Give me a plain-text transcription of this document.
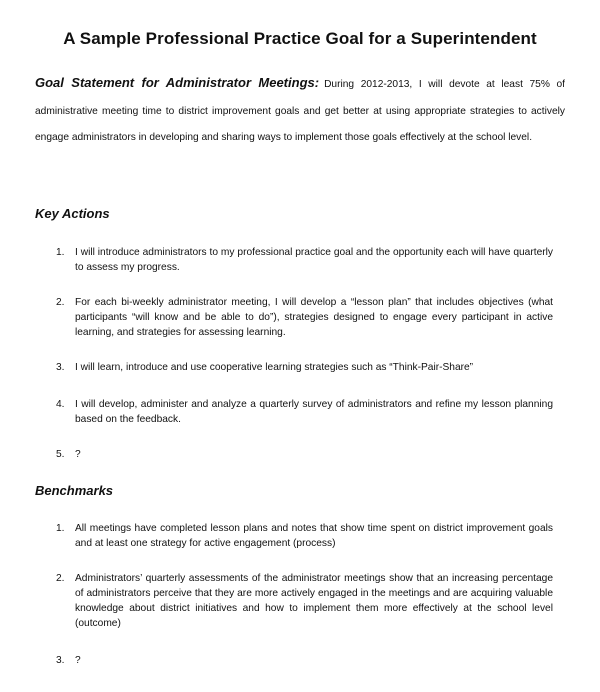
A Sample Professional Practice Goal for a Superintendent
Goal Statement for Administrator Meetings: During 2012-2013, I will devote at least 75% of administrative meeting time to district improvement goals and get better at using appropriate strategies to actively engage administrators in developing and sharing ways to implement those goals effectively at the school level.
Key Actions
1. I will introduce administrators to my professional practice goal and the opportunity each will have quarterly to assess my progress.
2. For each bi-weekly administrator meeting, I will develop a “lesson plan” that includes objectives (what participants “will know and be able to do”), strategies designed to engage every participant in active learning, and strategies for assessing learning.
3. I will learn, introduce and use cooperative learning strategies such as “Think-Pair-Share”
4. I will develop, administer and analyze a quarterly survey of administrators and refine my lesson planning based on the feedback.
5. ?
Benchmarks
1. All meetings have completed lesson plans and notes that show time spent on district improvement goals and at least one strategy for active engagement (process)
2. Administrators’ quarterly assessments of the administrator meetings show that an increasing percentage of administrators perceive that they are more actively engaged in the meetings and are acquiring valuable knowledge about district initiatives and how to implement them more effectively at the school level (outcome)
3. ?
